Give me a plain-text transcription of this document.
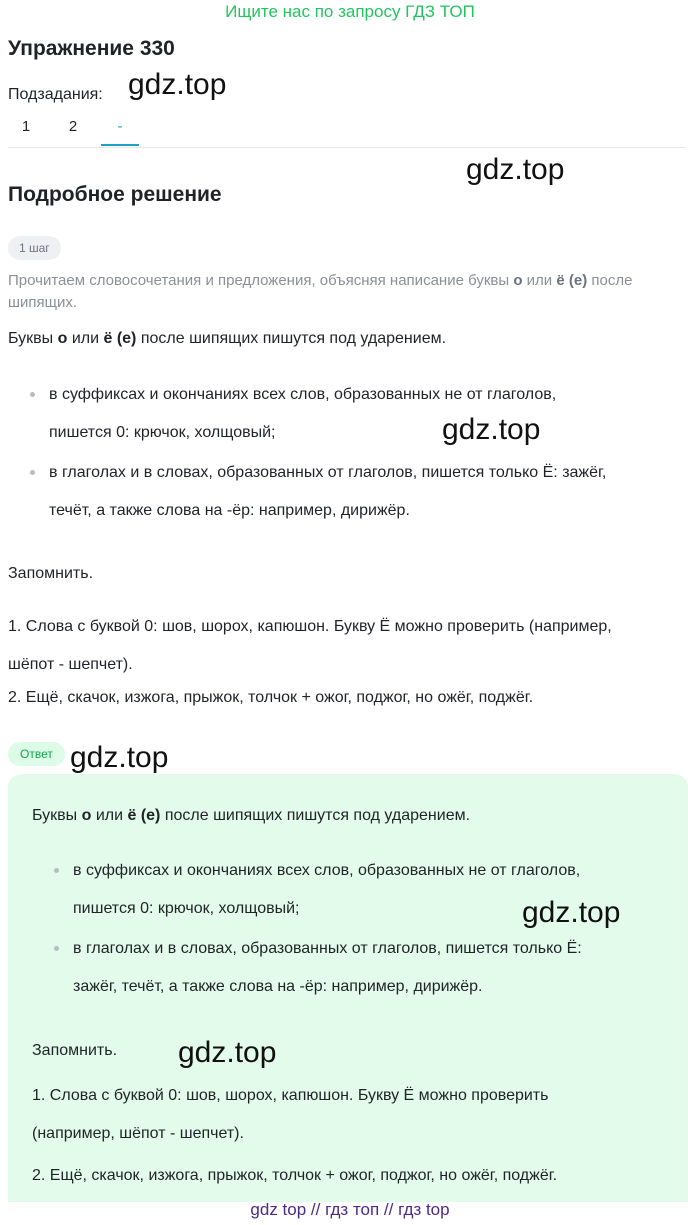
Ищите нас по запросу ГДЗ ТОП
Упражнение 330
Подзадания: gdz.top
1	2	-
gdz.top
Подробное решение
1 шаг
Прочитаем словосочетания и предложения, объясняя написание буквы о или ё (е) после шипящих.
Буквы о или ё (е) после шипящих пишутся под ударением.
в суффиксах и окончаниях всех слов, образованных не от глаголов,
пишется 0: крючок, холщовый;
в глаголах и в словах, образованных от глаголов, пишется только Ё: зажёг,
течёт, а также слова на -ёр: например, дирижёр.
gdz.top
Запомнить.
1. Слова с буквой 0: шов, шорох, капюшон. Букву Ё можно проверить (например,
шёпот - шепчет).
2. Ещё, скачок, изжога, прыжок, толчок + ожог, поджог, но ожёг, поджёг.
Ответ gdz.top
Буквы о или ё (е) после шипящих пишутся под ударением.
в суффиксах и окончаниях всех слов, образованных не от глаголов,
пишется 0: крючок, холщовый;
в глаголах и в словах, образованных от глаголов, пишется только Ё:
зажёг, течёт, а также слова на -ёр: например, дирижёр.
gdz.top
Запомнить. gdz.top
1. Слова с буквой 0: шов, шорох, капюшон. Букву Ё можно проверить
(например, шёпот - шепчет).
2. Ещё, скачок, изжога, прыжок, толчок + ожог, поджог, но ожёг, поджёг.
gdz top // гдз топ // гдз top
